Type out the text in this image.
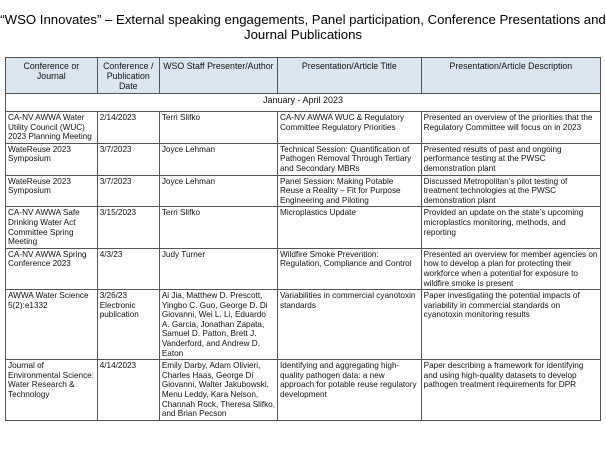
“WSO Innovates” – External speaking engagements, Panel participation, Conference Presentations and Journal Publications
January - April 2023				
Conference or Journal	Conference / Publication Date	WSO Staff Presenter/Author	Presentation/Article Title	Presentation/Article Description
CA-NV AWWA Water Utility Council (WUC) 2023 Planning Meeting	2/14/2023	Terri Slifko	CA-NV AWWA WUC & Regulatory Committee Regulatory Priorities	Presented an overview of the priorities that the Regulatory Committee will focus on in 2023
WateReuse 2023 Symposium	3/7/2023	Joyce Lehman	Technical Session: Quantification of Pathogen Removal Through Tertiary and Secondary MBRs	Presented results of past and ongoing performance testing at the PWSC demonstration plant
WateReuse 2023 Symposium	3/7/2023	Joyce Lehman	Panel Session: Making Potable Reuse a Reality – Fit for Purpose Engineering and Piloting	Discussed Metropolitan’s pilot testing of treatment technologies at the PWSC demonstration plant
CA-NV AWWA Safe Drinking Water Act Committee Spring Meeting	3/15/2023	Terri Slifko	Microplastics Update	Provided an update on the state’s upcoming microplastics monitoring, methods, and reporting
CA-NV AWWA Spring Conference 2023	4/3/23	Judy Turner	Wildfire Smoke Prevention: Regulation, Compliance and Control	Presented an overview for member agencies on how to develop a plan for protecting their workforce when a potential for exposure to wildfire smoke is present
AWWA Water Science 5(2):e1332	3/26/23 Electronic publication	Ai Jia, Matthew D. Prescott, Yingbo C. Guo, George D. Di Giovanni, Wei L. Li, Eduardo A. Garcia, Jonathan Zapata, Samuel D. Patton, Brett J. Vanderford, and Andrew D. Eaton	Variabilities in commercial cyanotoxin standards	Paper investigating the potential impacts of variability in commercial standards on cyanotoxin monitoring results
Journal of Environmental Science: Water Research & Technology	4/14/2023	Emily Darby, Adam Olivieri, Charles Haas, George Di Giovanni, Walter Jakubowski, Menu Leddy, Kara Nelson, Channah Rock, Theresa Slifko, and Brian Pecson	Identifying and aggregating high-quality pathogen data: a new approach for potable reuse regulatory development	Paper describing a framework for identifying and using high-quality datasets to develop pathogen treatment requirements for DPR
